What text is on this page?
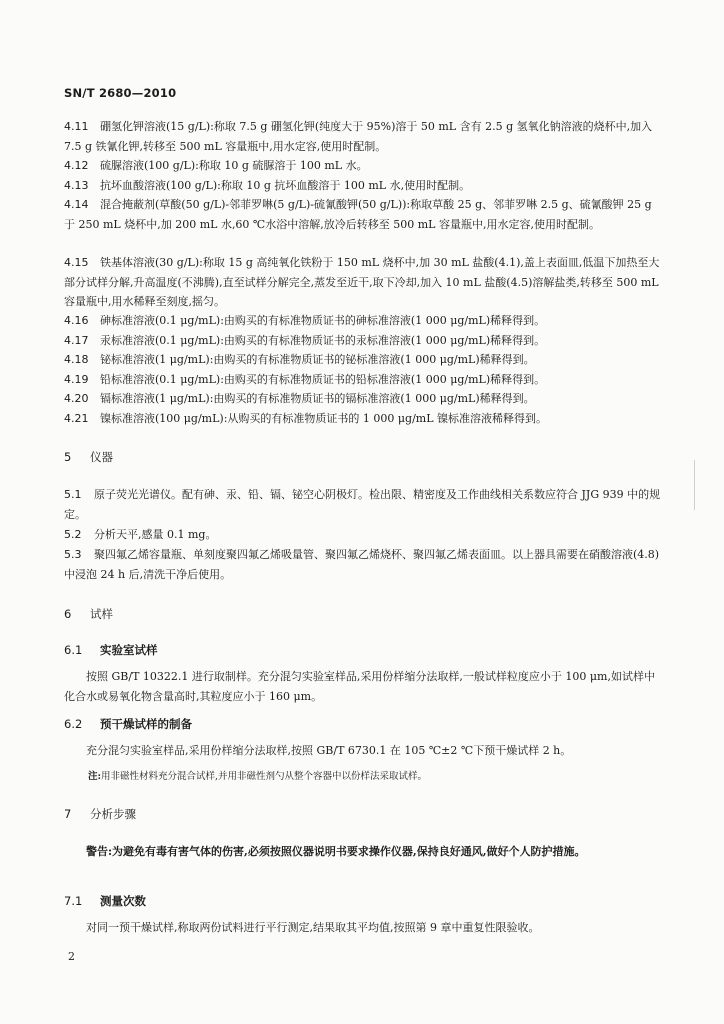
SN/T 2680—2010

4.11 硼氢化钾溶液(15 g/L):称取 7.5 g 硼氢化钾(纯度大于 95%)溶于 50 mL 含有 2.5 g 氢氧化钠溶液的烧杯中,加入 7.5 g 铁氰化钾,转移至 500 mL 容量瓶中,用水定容,使用时配制。

4.12 硫脲溶液(100 g/L):称取 10 g 硫脲溶于 100 mL 水。

4.13 抗坏血酸溶液(100 g/L):称取 10 g 抗坏血酸溶于 100 mL 水,使用时配制。

4.14 混合掩蔽剂(草酸(50 g/L)-邻菲罗啉(5 g/L)-硫氰酸钾(50 g/L)):称取草酸 25 g、邻菲罗啉 2.5 g、硫氰酸钾 25 g 于 250 mL 烧杯中,加 200 mL 水,60 ℃水浴中溶解,放冷后转移至 500 mL 容量瓶中,用水定容,使用时配制。

4.15 铁基体溶液(30 g/L):称取 15 g 高纯氧化铁粉于 150 mL 烧杯中,加 30 mL 盐酸(4.1),盖上表面皿,低温下加热至大部分试样分解,升高温度(不沸腾),直至试样分解完全,蒸发至近干,取下冷却,加入 10 mL 盐酸(4.5)溶解盐类,转移至 500 mL 容量瓶中,用水稀释至刻度,摇匀。

4.16 砷标准溶液(0.1 μg/mL):由购买的有标准物质证书的砷标准溶液(1 000 μg/mL)稀释得到。

4.17 汞标准溶液(0.1 μg/mL):由购买的有标准物质证书的汞标准溶液(1 000 μg/mL)稀释得到。

4.18 铋标准溶液(1 μg/mL):由购买的有标准物质证书的铋标准溶液(1 000 μg/mL)稀释得到。

4.19 铅标准溶液(0.1 μg/mL):由购买的有标准物质证书的铅标准溶液(1 000 μg/mL)稀释得到。

4.20 镉标准溶液(1 μg/mL):由购买的有标准物质证书的镉标准溶液(1 000 μg/mL)稀释得到。

4.21 镍标准溶液(100 μg/mL):从购买的有标准物质证书的 1 000 μg/mL 镍标准溶液稀释得到。

5 仪器
5.1 原子荧光光谱仪。配有砷、汞、铅、镉、铋空心阴极灯。检出限、精密度及工作曲线相关系数应符合 JJG 939 中的规定。
5.2 分析天平,感量 0.1 mg。
5.3 聚四氟乙烯容量瓶、单刻度聚四氟乙烯吸量管、聚四氟乙烯烧杯、聚四氟乙烯表面皿。以上器具需要在硝酸溶液(4.8)中浸泡 24 h 后,清洗干净后使用。
6 试样
6.1 实验室试样
按照 GB/T 10322.1 进行取制样。充分混匀实验室样品,采用份样缩分法取样,一般试样粒度应小于 100 μm,如试样中化合水或易氧化物含量高时,其粒度应小于 160 μm。
6.2 预干燥试样的制备
充分混匀实验室样品,采用份样缩分法取样,按照 GB/T 6730.1 在 105 ℃±2 ℃下预干燥试样 2 h。
注:用非磁性材料充分混合试样,并用非磁性剂勺从整个容器中以份样法采取试样。
7 分析步骤
警告:为避免有毒有害气体的伤害,必须按照仪器说明书要求操作仪器,保持良好通风,做好个人防护措施。
7.1 测量次数
对同一预干燥试样,称取两份试料进行平行测定,结果取其平均值,按照第 9 章中重复性限验收。
2
